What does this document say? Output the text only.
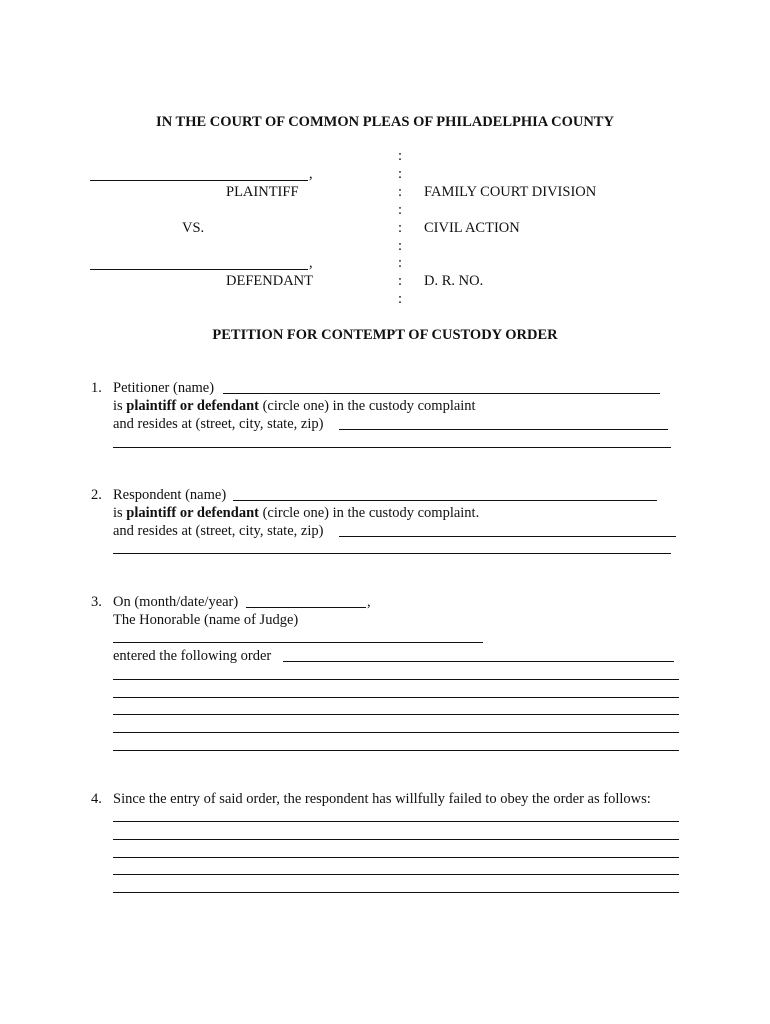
IN THE COURT OF COMMON PLEAS OF PHILADELPHIA COUNTY
,
PLAINTIFF
VS.
,
DEFENDANT
:
:
:
:
:
:
:
:
:
FAMILY COURT DIVISION
CIVIL ACTION
D. R. NO.
PETITION FOR CONTEMPT OF CUSTODY ORDER
1. Petitioner (name)
is plaintiff or defendant (circle one) in the custody complaint
and resides at (street, city, state, zip)
2. Respondent (name)
is plaintiff or defendant (circle one) in the custody complaint.
and resides at (street, city, state, zip)
3. On (month/date/year)	,
The Honorable (name of Judge)
entered the following order
4. Since the entry of said order, the respondent has willfully failed to obey the order as follows:
